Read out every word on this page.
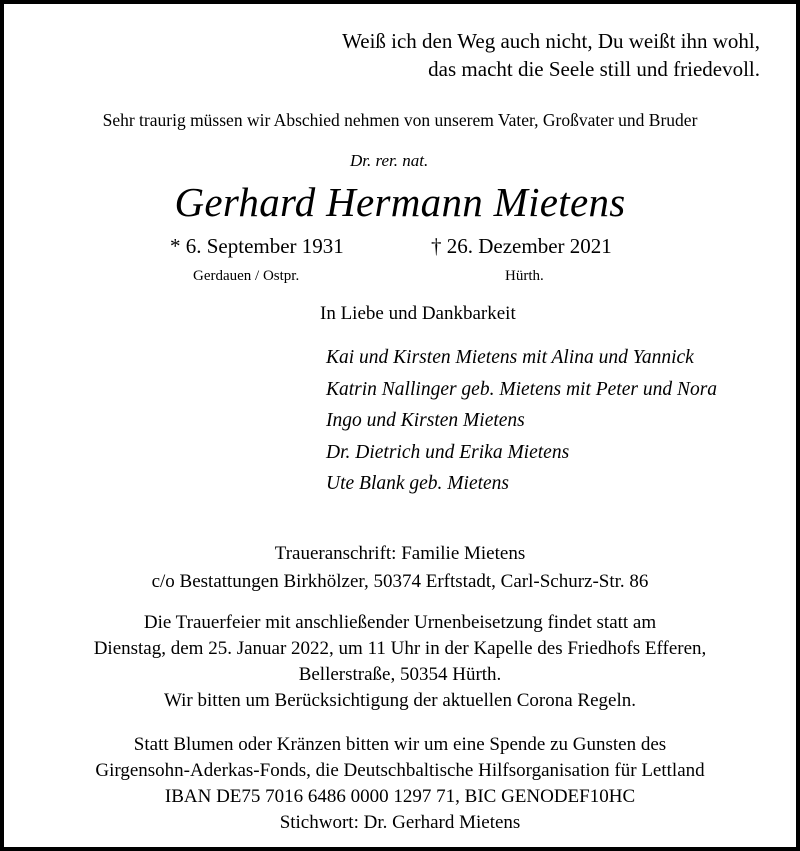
Weiß ich den Weg auch nicht, Du weißt ihn wohl,
das macht die Seele still und friedevoll.
Sehr traurig müssen wir Abschied nehmen von unserem Vater, Großvater und Bruder
Dr. rer. nat.
Gerhard Hermann Mietens
* 6. September 1931	† 26. Dezember 2021
Gerdauen / Ostpr.	Hürth.
In Liebe und Dankbarkeit
Kai und Kirsten Mietens mit Alina und Yannick
Katrin Nallinger geb. Mietens mit Peter und Nora
Ingo und Kirsten Mietens
Dr. Dietrich und Erika Mietens
Ute Blank geb. Mietens
Traueranschrift: Familie Mietens
c/o Bestattungen Birkhölzer, 50374 Erftstadt, Carl-Schurz-Str. 86
Die Trauerfeier mit anschließender Urnenbeisetzung findet statt am
Dienstag, dem 25. Januar 2022, um 11 Uhr in der Kapelle des Friedhofs Efferen,
Bellerstraße, 50354 Hürth.
Wir bitten um Berücksichtigung der aktuellen Corona Regeln.
Statt Blumen oder Kränzen bitten wir um eine Spende zu Gunsten des
Girgensohn-Aderkas-Fonds, die Deutschbaltische Hilfsorganisation für Lettland
IBAN DE75 7016 6486 0000 1297 71, BIC GENODEF10HC
Stichwort: Dr. Gerhard Mietens
